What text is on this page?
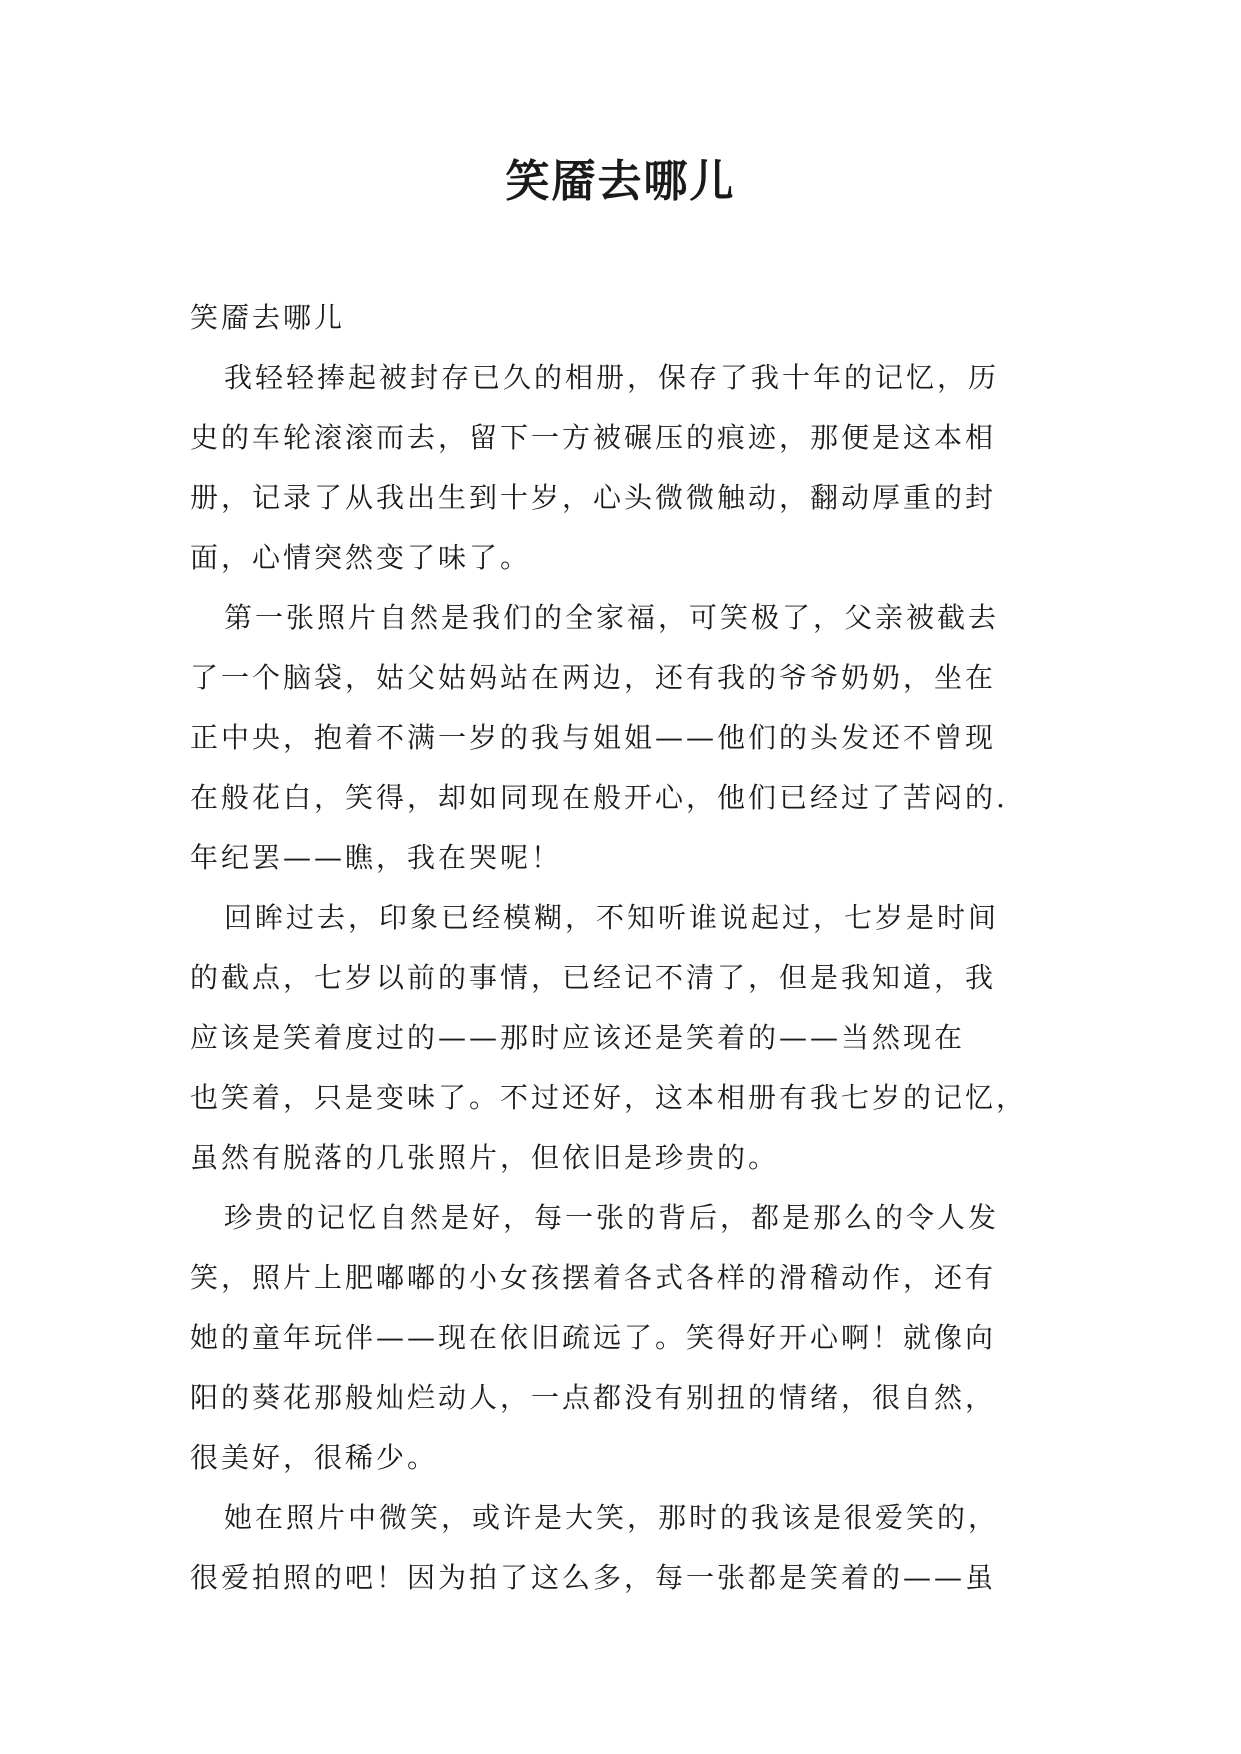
笑靥去哪儿

笑靥去哪儿

我轻轻捧起被封存已久的相册，保存了我十年的记忆，历
史的车轮滚滚而去，留下一方被碾压的痕迹，那便是这本相
册，记录了从我出生到十岁，心头微微触动，翻动厚重的封
面，心情突然变了味了。

第一张照片自然是我们的全家福，可笑极了，父亲被截去
了一个脑袋，姑父姑妈站在两边，还有我的爷爷奶奶，坐在
正中央，抱着不满一岁的我与姐姐——他们的头发还不曾现
在般花白，笑得，却如同现在般开心，他们已经过了苦闷的.
年纪罢——瞧，我在哭呢！

回眸过去，印象已经模糊，不知听谁说起过，七岁是时间
的截点，七岁以前的事情，已经记不清了，但是我知道，我
应该是笑着度过的——那时应该还是笑着的——当然现在
也笑着，只是变味了。不过还好，这本相册有我七岁的记忆，
虽然有脱落的几张照片，但依旧是珍贵的。

珍贵的记忆自然是好，每一张的背后，都是那么的令人发
笑，照片上肥嘟嘟的小女孩摆着各式各样的滑稽动作，还有
她的童年玩伴——现在依旧疏远了。笑得好开心啊！就像向
阳的葵花那般灿烂动人，一点都没有别扭的情绪，很自然，
很美好，很稀少。

她在照片中微笑，或许是大笑，那时的我该是很爱笑的，
很爱拍照的吧！因为拍了这么多，每一张都是笑着的——虽
